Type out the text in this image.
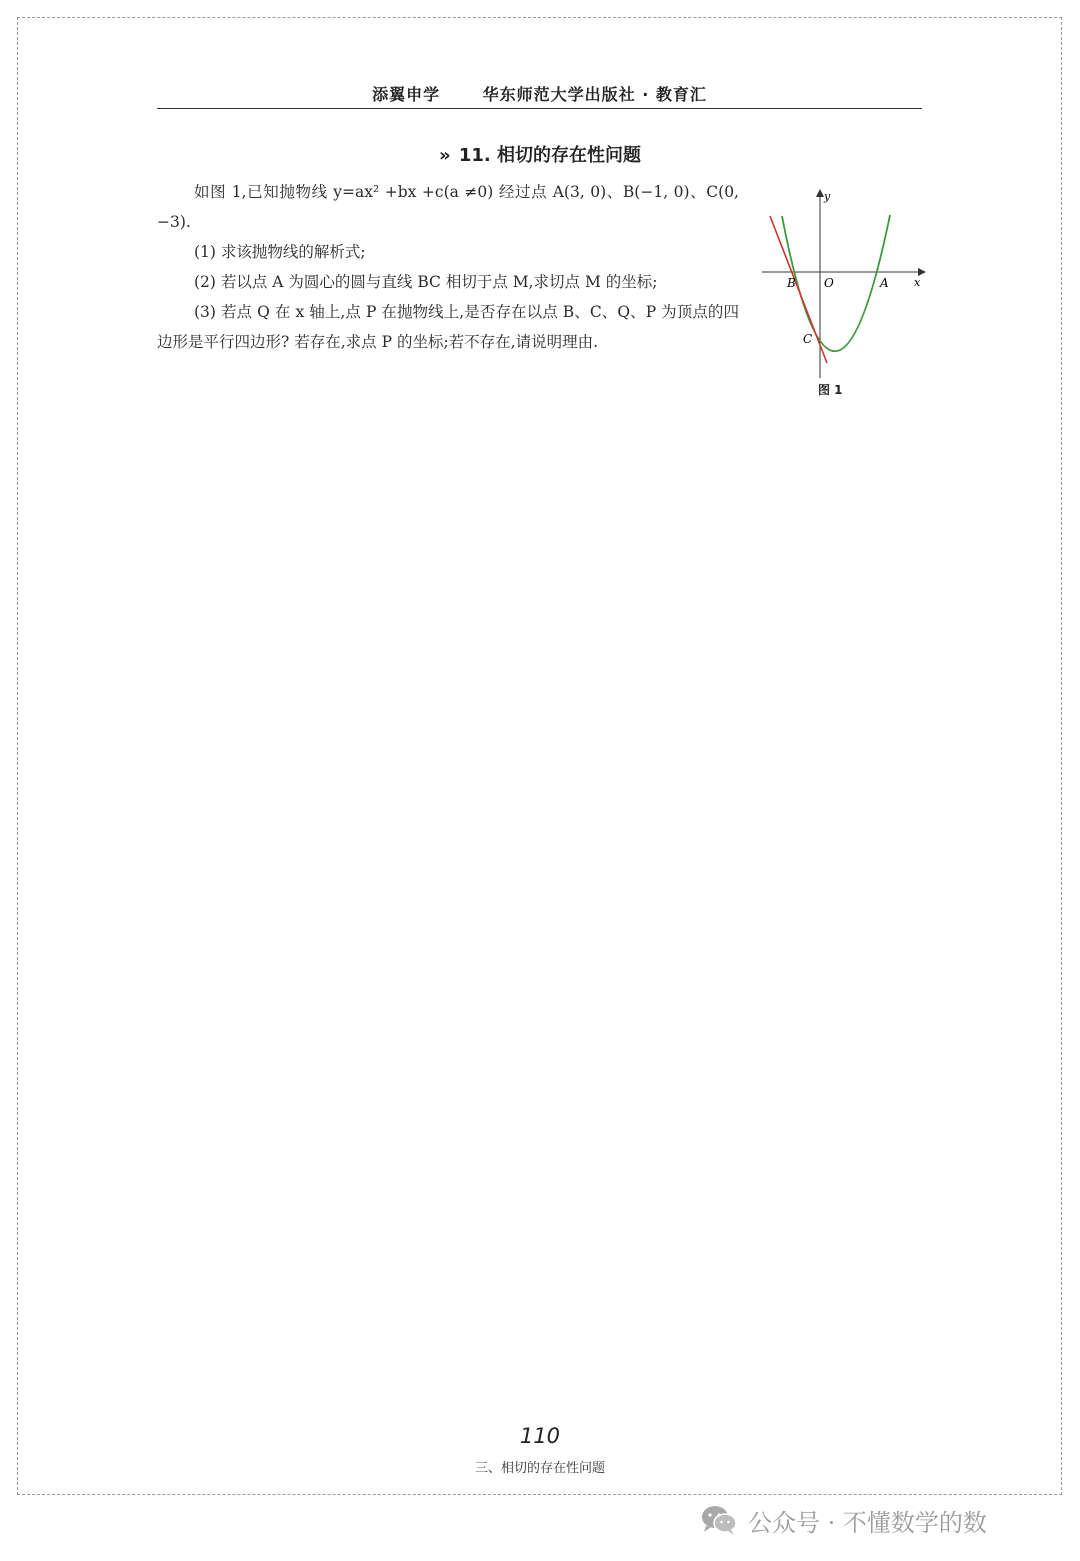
添翼申学	华东师范大学出版社 · 教育汇
» 11. 相切的存在性问题

如图 1,已知抛物线 y=ax² +bx +c(a ≠0) 经过点 A(3, 0)、B(−1, 0)、C(0, −3).

(1) 求该抛物线的解析式;

(2) 若以点 A 为圆心的圆与直线 BC 相切于点 M,求切点 M 的坐标;

(3) 若点 Q 在 x 轴上,点 P 在抛物线上,是否存在以点 B、C、Q、P 为顶点的四边形是平行四边形? 若存在,求点 P 的坐标;若不存在,请说明理由.

y
x
B O	A
C
图 1
110
三、相切的存在性问题
公众号 · 不懂数学的数
